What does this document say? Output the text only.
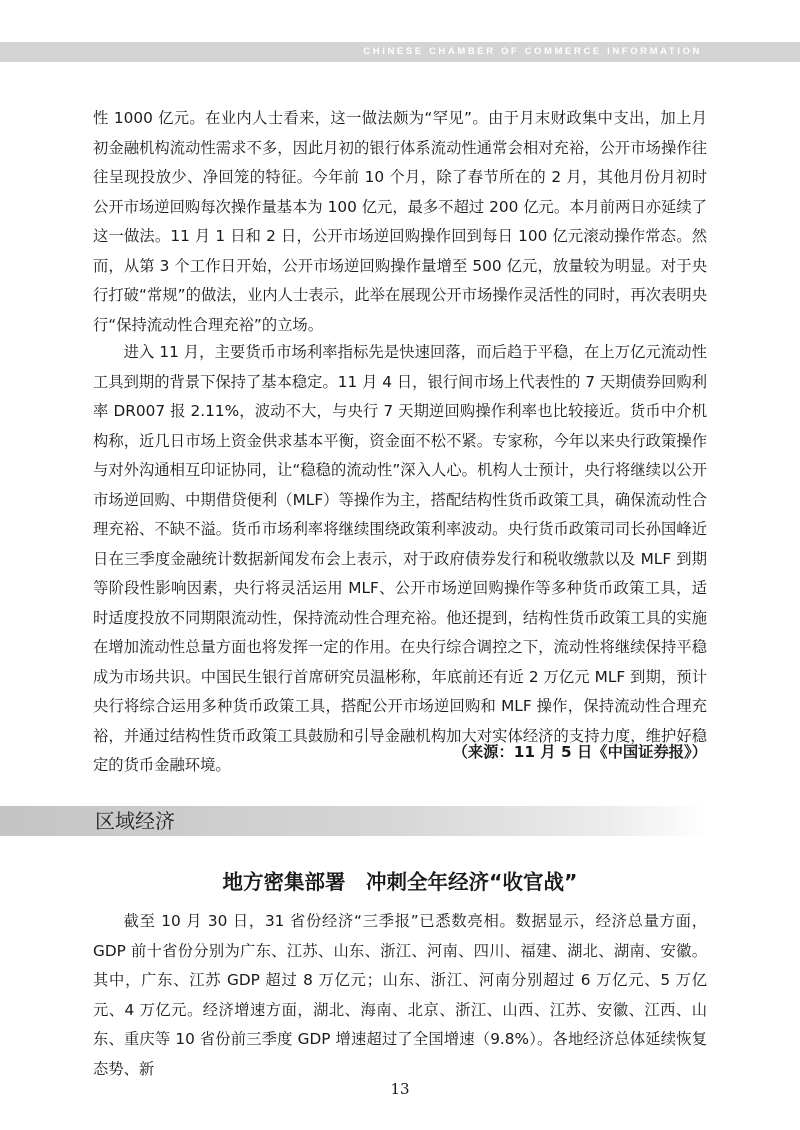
CHINESE CHAMBER OF COMMERCE INFORMATION

性 1000 亿元。在业内人士看来，这一做法颇为“罕见”。由于月末财政集中支出，加上月初金融机构流动性需求不多，因此月初的银行体系流动性通常会相对充裕，公开市场操作往往呈现投放少、净回笼的特征。今年前 10 个月，除了春节所在的 2 月，其他月份月初时公开市场逆回购每次操作量基本为 100 亿元，最多不超过 200 亿元。本月前两日亦延续了这一做法。11 月 1 日和 2 日，公开市场逆回购操作回到每日 100 亿元滚动操作常态。然而，从第 3 个工作日开始，公开市场逆回购操作量增至 500 亿元，放量较为明显。对于央行打破“常规”的做法，业内人士表示，此举在展现公开市场操作灵活性的同时，再次表明央行“保持流动性合理充裕”的立场。

进入 11 月，主要货币市场利率指标先是快速回落，而后趋于平稳，在上万亿元流动性工具到期的背景下保持了基本稳定。11 月 4 日，银行间市场上代表性的 7 天期债券回购利率 DR007 报 2.11%，波动不大，与央行 7 天期逆回购操作利率也比较接近。货币中介机构称，近几日市场上资金供求基本平衡，资金面不松不紧。专家称，今年以来央行政策操作与对外沟通相互印证协同，让“稳稳的流动性”深入人心。机构人士预计，央行将继续以公开市场逆回购、中期借贷便利（MLF）等操作为主，搭配结构性货币政策工具，确保流动性合理充裕、不缺不溢。货币市场利率将继续围绕政策利率波动。央行货币政策司司长孙国峰近日在三季度金融统计数据新闻发布会上表示，对于政府债券发行和税收缴款以及 MLF 到期等阶段性影响因素，央行将灵活运用 MLF、公开市场逆回购操作等多种货币政策工具，适时适度投放不同期限流动性，保持流动性合理充裕。他还提到，结构性货币政策工具的实施在增加流动性总量方面也将发挥一定的作用。在央行综合调控之下，流动性将继续保持平稳成为市场共识。中国民生银行首席研究员温彬称，年底前还有近 2 万亿元 MLF 到期，预计央行将综合运用多种货币政策工具，搭配公开市场逆回购和 MLF 操作，保持流动性合理充裕，并通过结构性货币政策工具鼓励和引导金融机构加大对实体经济的支持力度，维护好稳定的货币金融环境。

（来源：11 月 5 日《中国证券报》）
区域经济
地方密集部署　冲刺全年经济“收官战”

截至 10 月 30 日，31 省份经济“三季报”已悉数亮相。数据显示，经济总量方面，GDP 前十省份分别为广东、江苏、山东、浙江、河南、四川、福建、湖北、湖南、安徽。其中，广东、江苏 GDP 超过 8 万亿元；山东、浙江、河南分别超过 6 万亿元、5 万亿元、4 万亿元。经济增速方面，湖北、海南、北京、浙江、山西、江苏、安徽、江西、山东、重庆等 10 省份前三季度 GDP 增速超过了全国增速（9.8%）。各地经济总体延续恢复态势、新

13
